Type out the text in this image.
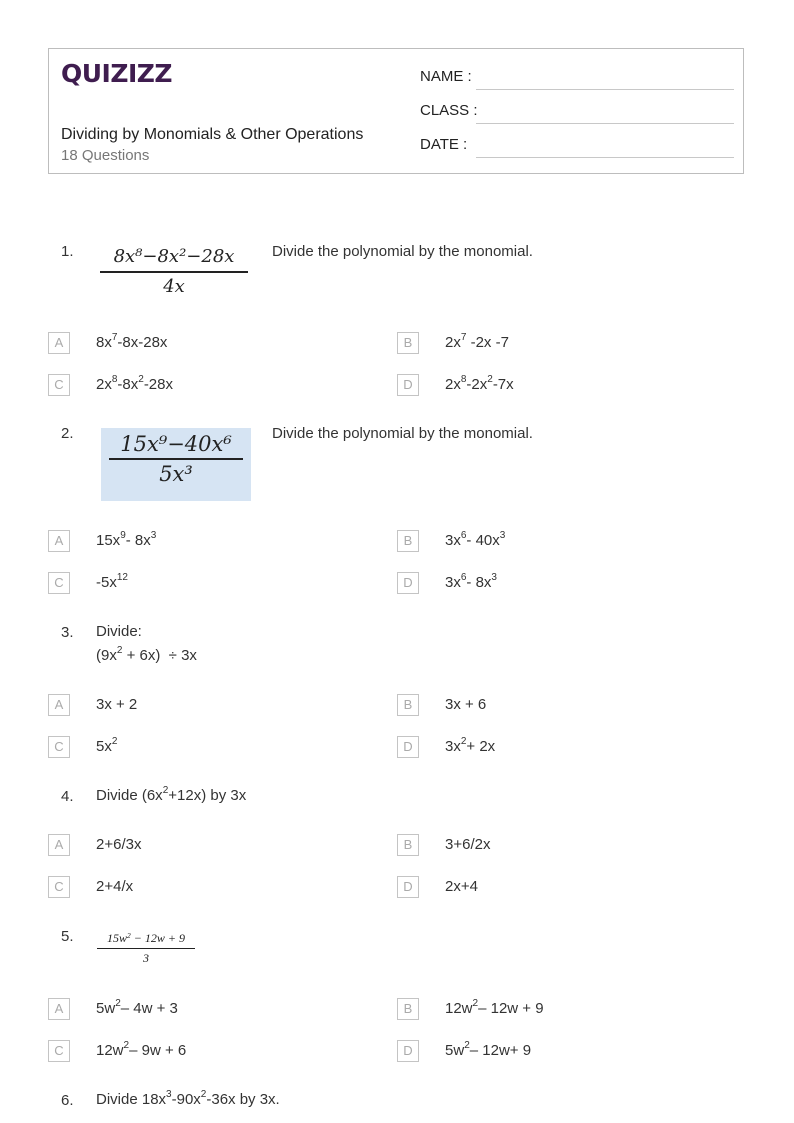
QUIZIZZ
Dividing by Monomials & Other Operations
18 Questions
NAME :
CLASS :
DATE :
1.	8x⁸−8x²−28x
4x
Divide the polynomial by the monomial.
A	$8x^7-8x-28x$	B	$2x^7$ -2x -7
C	$2x^8-8x^2-28x$	D	$2x^8-2x^2-7x$
2.	15x⁹−40x⁶
5x³
Divide the polynomial by the monomial.
A	$15x^9-$ $8x^3$	B	$3x^6-$ $40x^3$
C	$-5x^{12}$	D	$3x^6-$ $8x^3$
3. Divide:
$(9x^2 + 6x) \div 3x$
A	3x + 2	B	3x + 6
C	$5x^2$	D	$3x^2+ 2x$
4. Divide $(6x^2+12x)$ by 3x
A	2+6/3x	B	3+6/2x
C	2+4/x	D	2x+4
5.	$15w^2 - 12w + 9$
3
A	$5w^2-$ 4w + 3	B	$12w^2-$ 12w + 9
C	$12w^2-$ 9w + 6	D	$5w^2-$ 12w+ 9
6. Divide $18x^3-90x^2-36x$ by 3x.
